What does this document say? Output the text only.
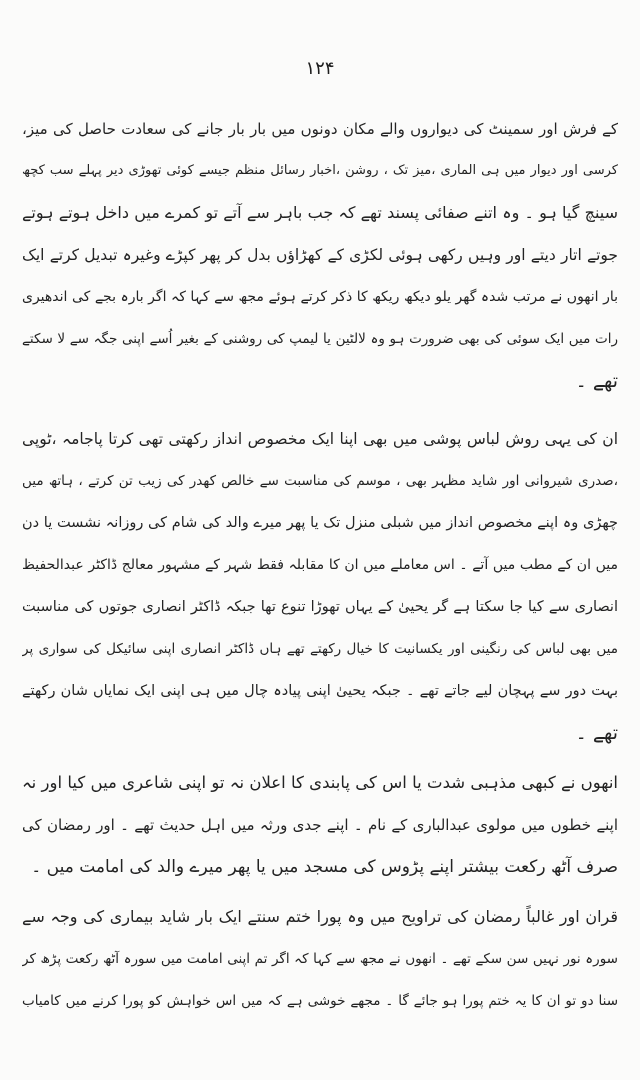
۱۲۴
کے فرش اور سمینٹ کی دیواروں والے مکان دونوں میں بار بار جانے کی سعادت حاصل کی میز،
کرسی اور دیوار میں ہی الماری ،میز تک ، روشن ،اخبار رسائل منظم جیسے کوئی تھوڑی دیر پہلے سب کچھ
سینچ گیا ہو ۔ وہ اتنے صفائی پسند تھے کہ جب باہر سے آتے تو کمرے میں داخل ہوتے ہوتے
جوتے اتار دیتے اور وہیں رکھی ہوئی لکڑی کے کھڑاؤں بدل کر پھر کپڑے وغیرہ تبدیل کرتے ایک
بار انھوں نے مرتب شدہ گھر یلو دیکھ ریکھ کا ذکر کرتے ہوئے مجھ سے کہا کہ اگر بارہ بجے کی اندھیری
رات میں ایک سوئی کی بھی ضرورت ہو وہ لالٹین یا لیمپ کی روشنی کے بغیر اُسے اپنی جگہ سے لا سکتے
تھے ۔
ان کی یہی روش لباس پوشی میں بھی اپنا ایک مخصوص انداز رکھتی تھی کرتا پاجامہ ،ٹوپی
،صدری شیروانی اور شاید مظہر بھی ، موسم کی مناسبت سے خالص کھدر کی زیب تن کرتے ، ہاتھ میں
چھڑی وہ اپنے مخصوص انداز میں شبلی منزل تک یا پھر میرے والد کی شام کی روزانہ نشست یا دن
میں ان کے مطب میں آتے ۔ اس معاملے میں ان کا مقابلہ فقط شہر کے مشہور معالج ڈاکٹر عبدالحفیظ
انصاری سے کیا جا سکتا ہے گر یحییٰ کے یہاں تھوڑا تنوع تھا جبکہ ڈاکٹر انصاری جوتوں کی مناسبت
میں بھی لباس کی رنگینی اور یکسانیت کا خیال رکھتے تھے ہاں ڈاکٹر انصاری اپنی سائیکل کی سواری پر
بہت دور سے پہچان لیے جاتے تھے ۔ جبکہ یحییٰ اپنی پیادہ چال میں ہی اپنی ایک نمایاں شان رکھتے
تھے ۔
انھوں نے کبھی مذہبی شدت یا اس کی پابندی کا اعلان نہ تو اپنی شاعری میں کیا اور نہ
اپنے خطوں میں مولوی عبدالباری کے نام ۔ اپنے جدی ورثہ میں اہل حدیث تھے ۔ اور رمضان کی
صرف آٹھ رکعت بیشتر اپنے پڑوس کی مسجد میں یا پھر میرے والد کی امامت میں ۔
قران اور غالباً رمضان کی تراویح میں وہ پورا ختم سنتے ایک بار شاید بیماری کی وجہ سے
سورہ نور نہیں سن سکے تھے ۔ انھوں نے مجھ سے کہا کہ اگر تم اپنی امامت میں سورہ آٹھ رکعت پڑھ کر
سنا دو تو ان کا یہ ختم پورا ہو جائے گا ۔ مجھے خوشی ہے کہ میں اس خواہش کو پورا کرنے میں کامیاب
